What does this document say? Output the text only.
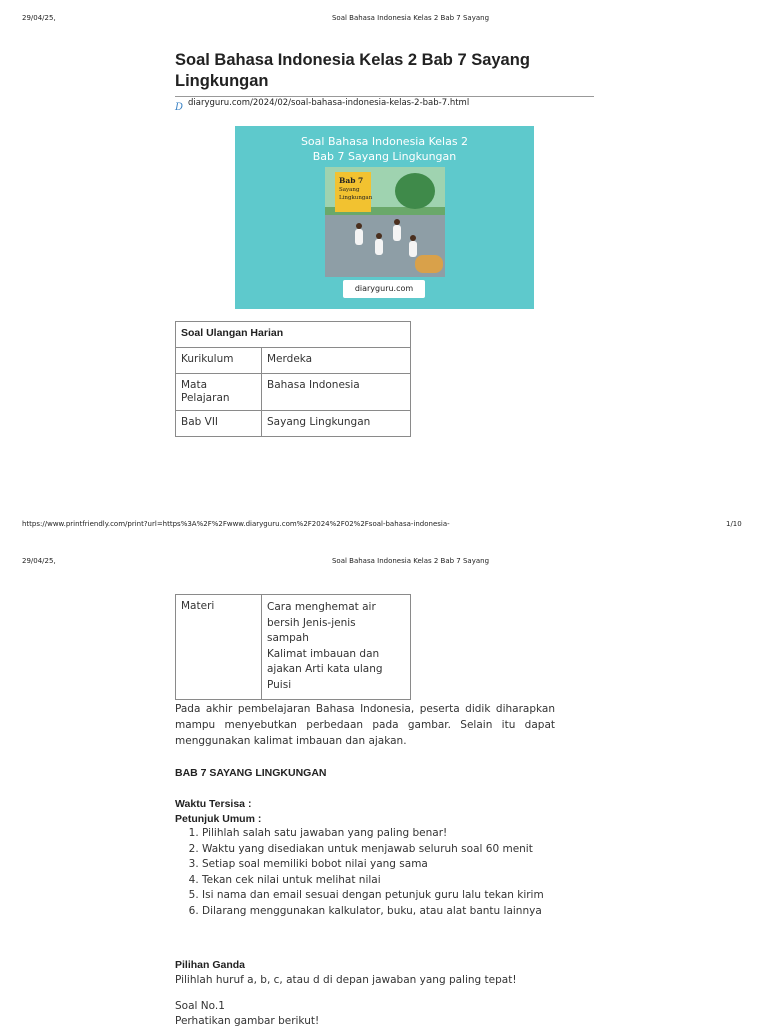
29/04/25,	Soal Bahasa Indonesia Kelas 2 Bab 7 Sayang
Soal Bahasa Indonesia Kelas 2 Bab 7 Sayang Lingkungan
D diaryguru.com/2024/02/soal-bahasa-indonesia-kelas-2-bab-7.html
Soal Bahasa Indonesia Kelas 2
Bab 7 Sayang Lingkungan
Bab 7
Sayang
Lingkungan
diaryguru.com
Soal Ulangan Harian	
Kurikulum	Merdeka
Mata Pelajaran	Bahasa Indonesia
Bab VII	Sayang Lingkungan
https://www.printfriendly.com/print?url=https%3A%2F%2Fwww.diaryguru.com%2F2024%2F02%2Fsoal-bahasa-indonesia-	1/10
29/04/25,	Soal Bahasa Indonesia Kelas 2 Bab 7 Sayang
Materi	Cara menghemat air
bersih Jenis-jenis
sampah
Kalimat imbauan dan
ajakan Arti kata ulang
Puisi

Pada akhir pembelajaran Bahasa Indonesia, peserta didik diharapkan mampu menyebutkan perbedaan pada gambar. Selain itu dapat menggunakan kalimat imbauan dan ajakan.

BAB 7 SAYANG LINGKUNGAN
Waktu Tersisa :
Petunjuk Umum :
1. Pilihlah salah satu jawaban yang paling benar!
2. Waktu yang disediakan untuk menjawab seluruh soal 60 menit
3. Setiap soal memiliki bobot nilai yang sama
4. Tekan cek nilai untuk melihat nilai
5. Isi nama dan email sesuai dengan petunjuk guru lalu tekan kirim
6. Dilarang menggunakan kalkulator, buku, atau alat bantu lainnya
Pilihan Ganda
Pilihlah huruf a, b, c, atau d di depan jawaban yang paling tepat!
Soal No.1
Perhatikan gambar berikut!
